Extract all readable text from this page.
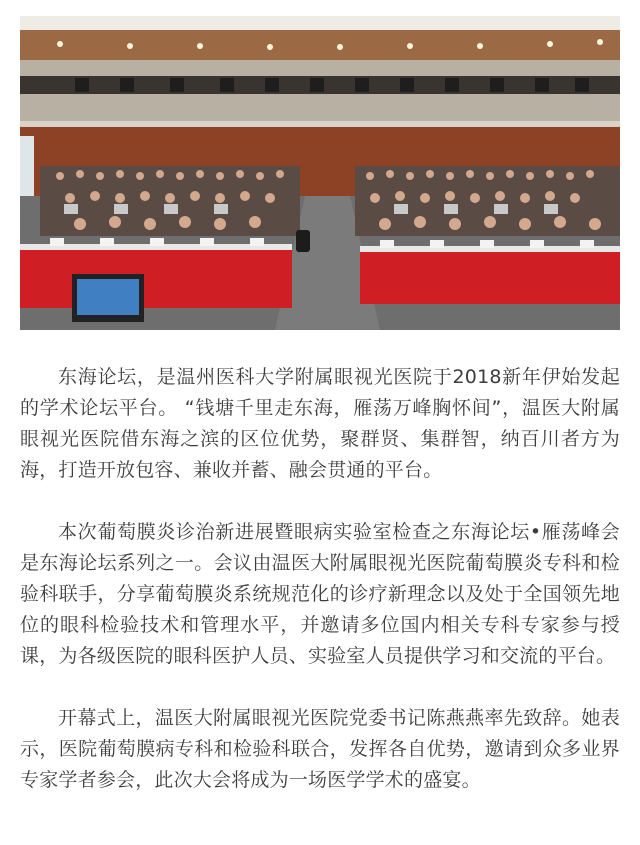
东海论坛，是温州医科大学附属眼视光医院于2018新年伊始发起的学术论坛平台。 “钱塘千里走东海，雁荡万峰胸怀间”，温医大附属眼视光医院借东海之滨的区位优势，聚群贤、集群智，纳百川者方为海，打造开放包容、兼收并蓄、融会贯通的平台。

本次葡萄膜炎诊治新进展暨眼病实验室检查之东海论坛•雁荡峰会是东海论坛系列之一。会议由温医大附属眼视光医院葡萄膜炎专科和检验科联手，分享葡萄膜炎系统规范化的诊疗新理念以及处于全国领先地位的眼科检验技术和管理水平，并邀请多位国内相关专科专家参与授课，为各级医院的眼科医护人员、实验室人员提供学习和交流的平台。

开幕式上，温医大附属眼视光医院党委书记陈燕燕率先致辞。她表示，医院葡萄膜病专科和检验科联合，发挥各自优势，邀请到众多业界专家学者参会，此次大会将成为一场医学学术的盛宴。
